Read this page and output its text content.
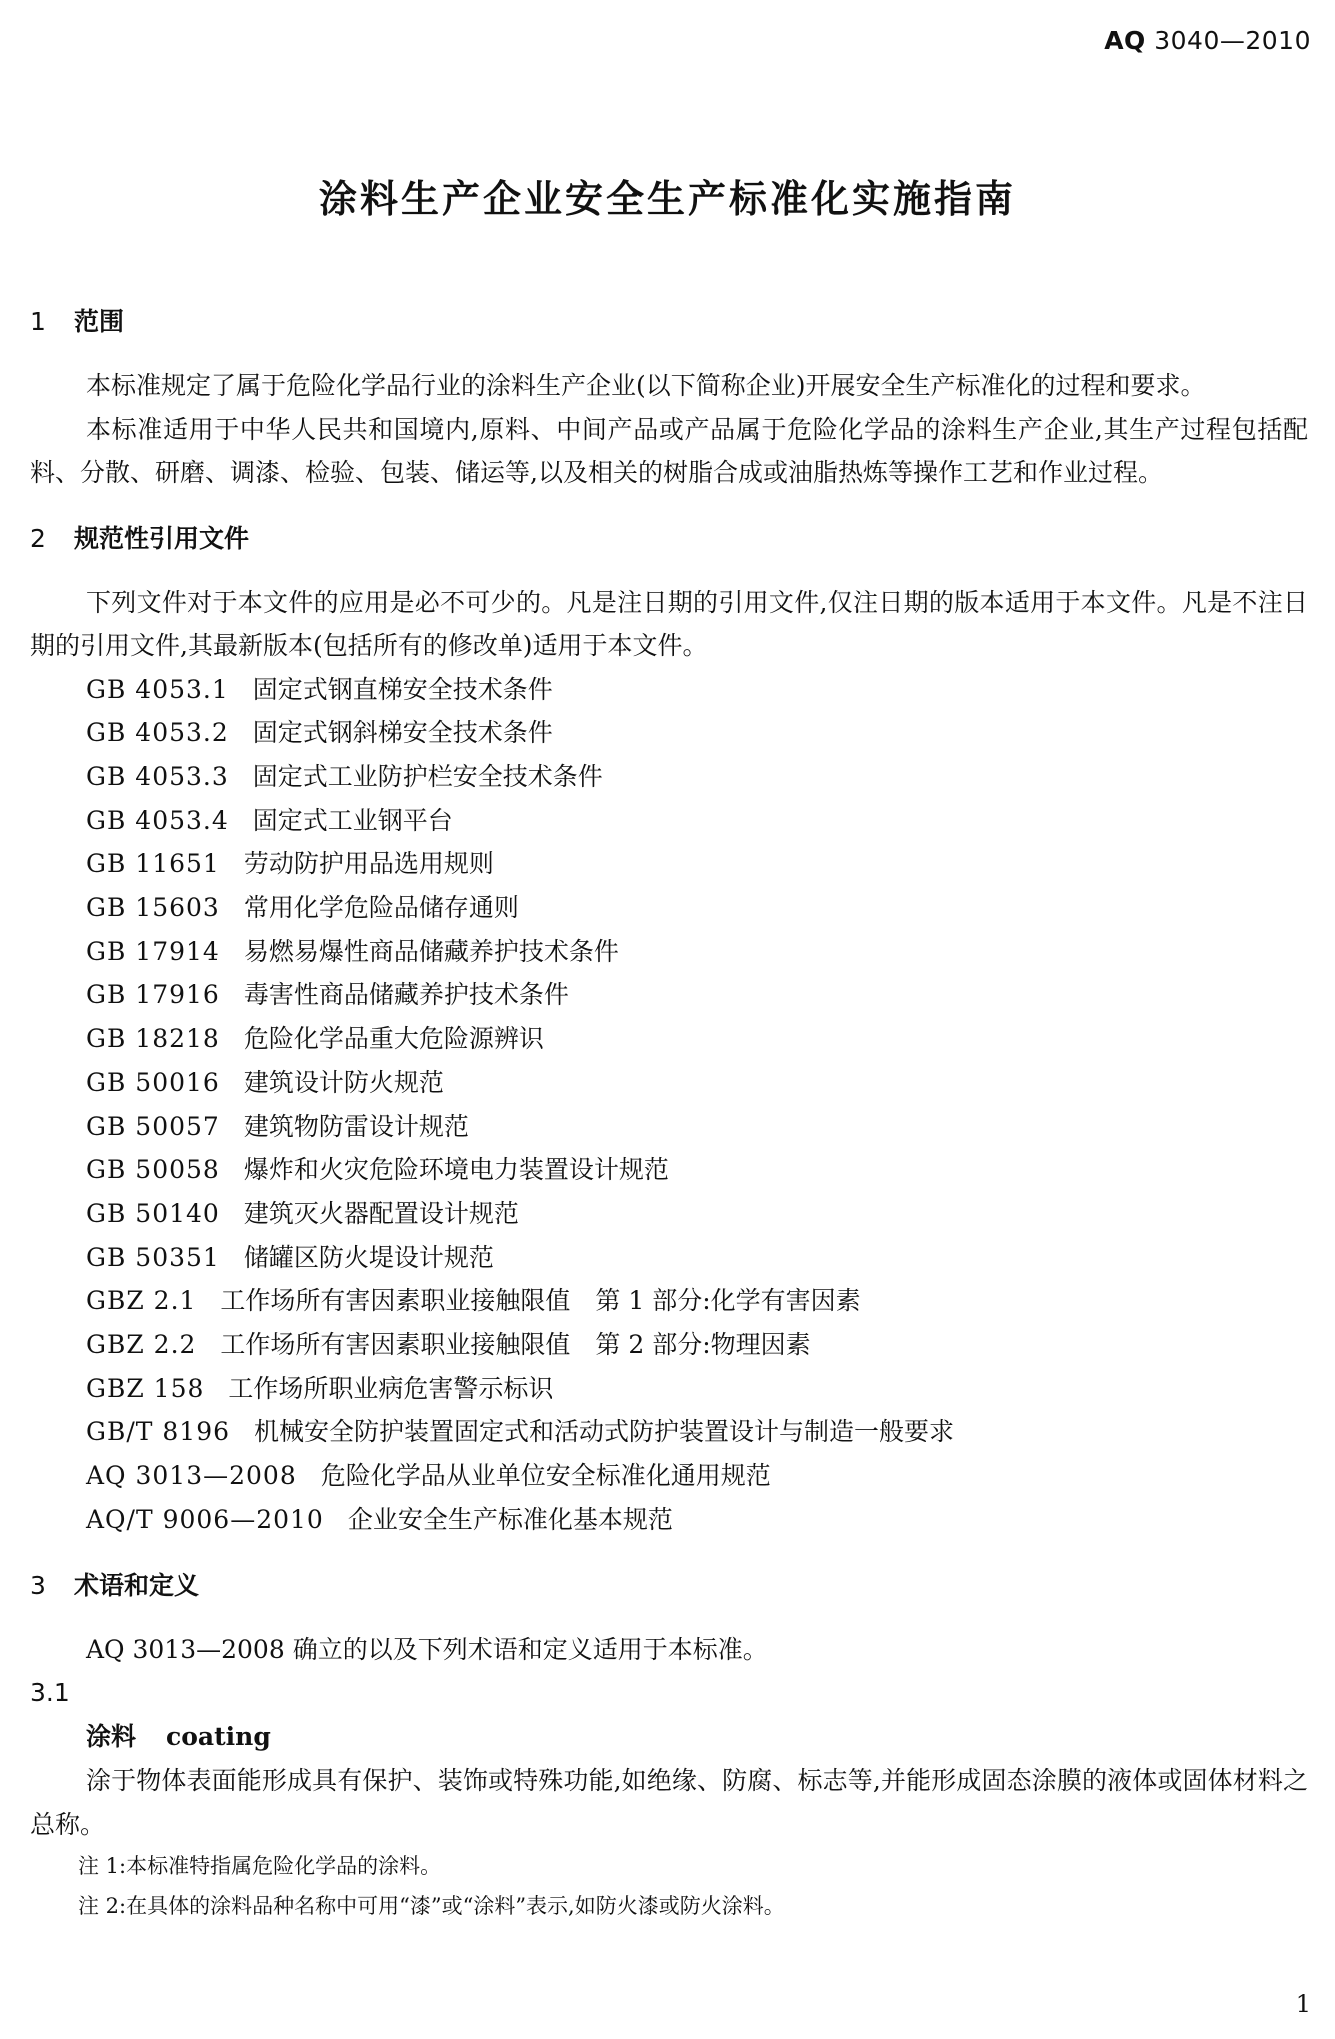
AQ 3040—2010
涂料生产企业安全生产标准化实施指南
1 范围

本标准规定了属于危险化学品行业的涂料生产企业(以下简称企业)开展安全生产标准化的过程和要求。

本标准适用于中华人民共和国境内,原料、中间产品或产品属于危险化学品的涂料生产企业,其生产过程包括配料、分散、研磨、调漆、检验、包装、储运等,以及相关的树脂合成或油脂热炼等操作工艺和作业过程。

2 规范性引用文件

下列文件对于本文件的应用是必不可少的。凡是注日期的引用文件,仅注日期的版本适用于本文件。凡是不注日期的引用文件,其最新版本(包括所有的修改单)适用于本文件。

GB 4053.1 固定式钢直梯安全技术条件

GB 4053.2 固定式钢斜梯安全技术条件

GB 4053.3 固定式工业防护栏安全技术条件

GB 4053.4 固定式工业钢平台

GB 11651 劳动防护用品选用规则

GB 15603 常用化学危险品储存通则

GB 17914 易燃易爆性商品储藏养护技术条件

GB 17916 毒害性商品储藏养护技术条件

GB 18218 危险化学品重大危险源辨识

GB 50016 建筑设计防火规范

GB 50057 建筑物防雷设计规范

GB 50058 爆炸和火灾危险环境电力装置设计规范

GB 50140 建筑灭火器配置设计规范

GB 50351 储罐区防火堤设计规范

GBZ 2.1 工作场所有害因素职业接触限值　第 1 部分:化学有害因素

GBZ 2.2 工作场所有害因素职业接触限值　第 2 部分:物理因素

GBZ 158 工作场所职业病危害警示标识

GB/T 8196 机械安全防护装置固定式和活动式防护装置设计与制造一般要求

AQ 3013—2008 危险化学品从业单位安全标准化通用规范

AQ/T 9006—2010 企业安全生产标准化基本规范

3 术语和定义

AQ 3013—2008 确立的以及下列术语和定义适用于本标准。

3.1

涂料 coating

涂于物体表面能形成具有保护、装饰或特殊功能,如绝缘、防腐、标志等,并能形成固态涂膜的液体或固体材料之总称。

注 1:本标准特指属危险化学品的涂料。

注 2:在具体的涂料品种名称中可用“漆”或“涂料”表示,如防火漆或防火涂料。

1
